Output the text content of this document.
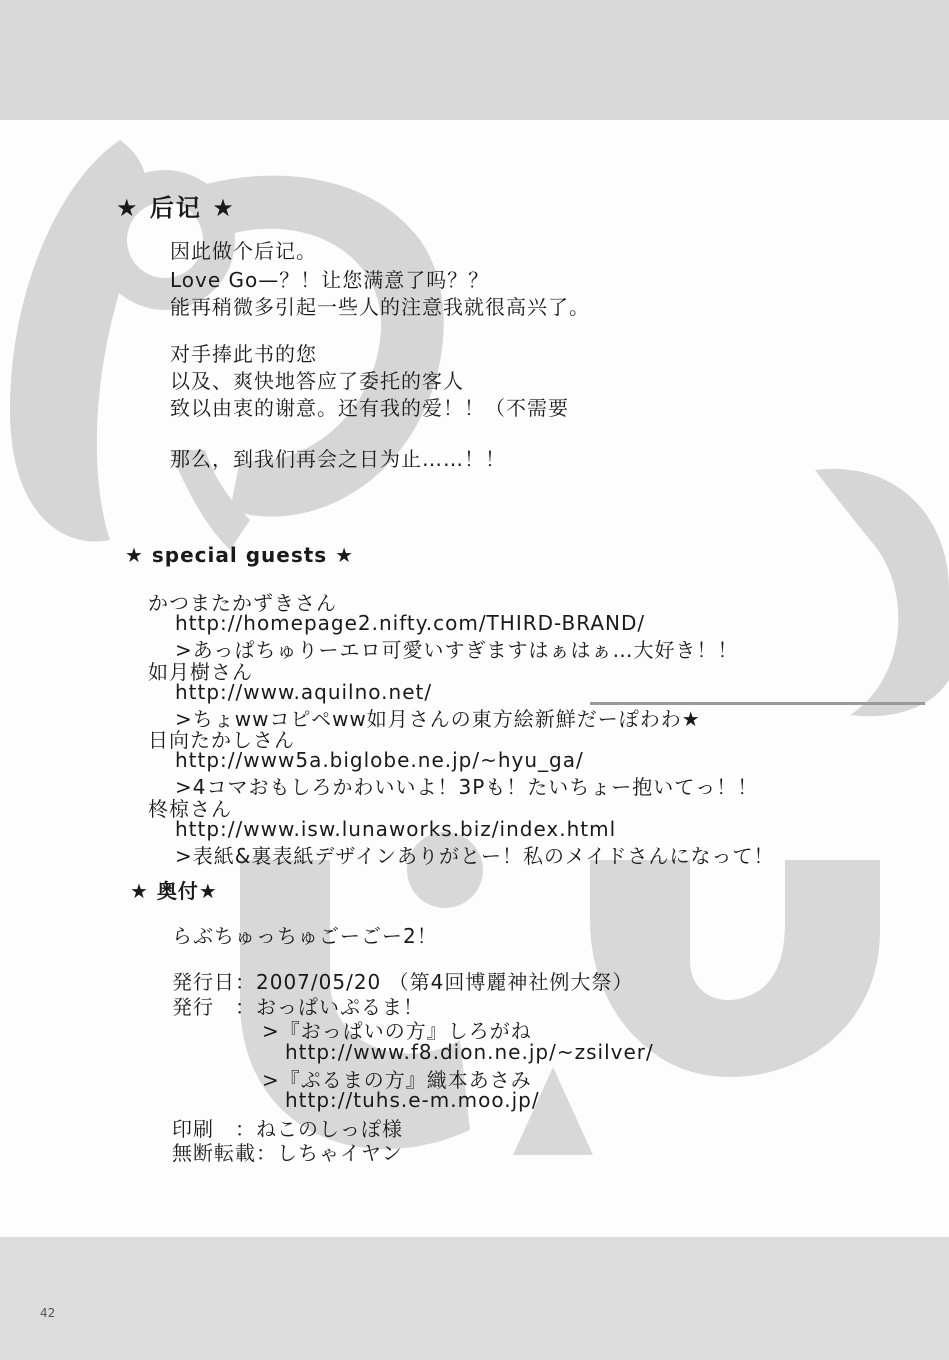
★ 后记 ★
因此做个后记。
Love Go—？！让您满意了吗？？
能再稍微多引起一些人的注意我就很高兴了。
对手捧此书的您
以及、爽快地答应了委托的客人
致以由衷的谢意。还有我的爱！！（不需要
那么，到我们再会之日为止……！！
★ special guests ★
かつまたかずきさん
http://homepage2.nifty.com/THIRD-BRAND/
>あっぱちゅりーエロ可愛いすぎますはぁはぁ…大好き！！
如月樹さん
http://www.aquilno.net/
>ちょwwコピペww如月さんの東方絵新鮮だーぽわわ★
日向たかしさん
http://www5a.biglobe.ne.jp/~hyu_ga/
>4コマおもしろかわいいよ！3Pも！たいちょー抱いてっ！！
柊椋さん
http://www.isw.lunaworks.biz/index.html
>表紙&裏表紙デザインありがとー！私のメイドさんになって！
★ 奥付★
らぶちゅっちゅごーごー2！
発行日：2007/05/20 （第4回博麗神社例大祭）
発行　：おっぱいぷるま！
>『おっぱいの方』しろがね
http://www.f8.dion.ne.jp/~zsilver/
>『ぷるまの方』織本あさみ
http://tuhs.e-m.moo.jp/
印刷　：ねこのしっぽ様
無断転載：しちゃイヤン
42
